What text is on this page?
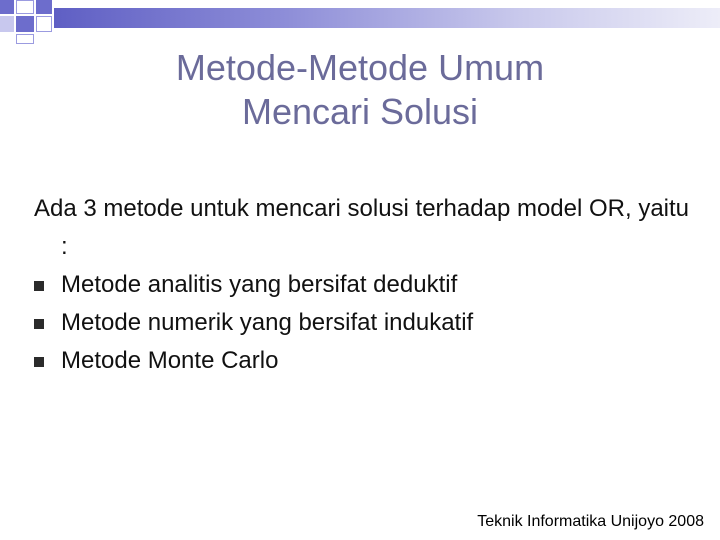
Metode-Metode Umum
Mencari Solusi
Ada 3 metode untuk mencari solusi terhadap model OR, yaitu :
Metode analitis yang bersifat deduktif
Metode numerik yang bersifat indukatif
Metode Monte Carlo
Teknik Informatika Unijoyo 2008
